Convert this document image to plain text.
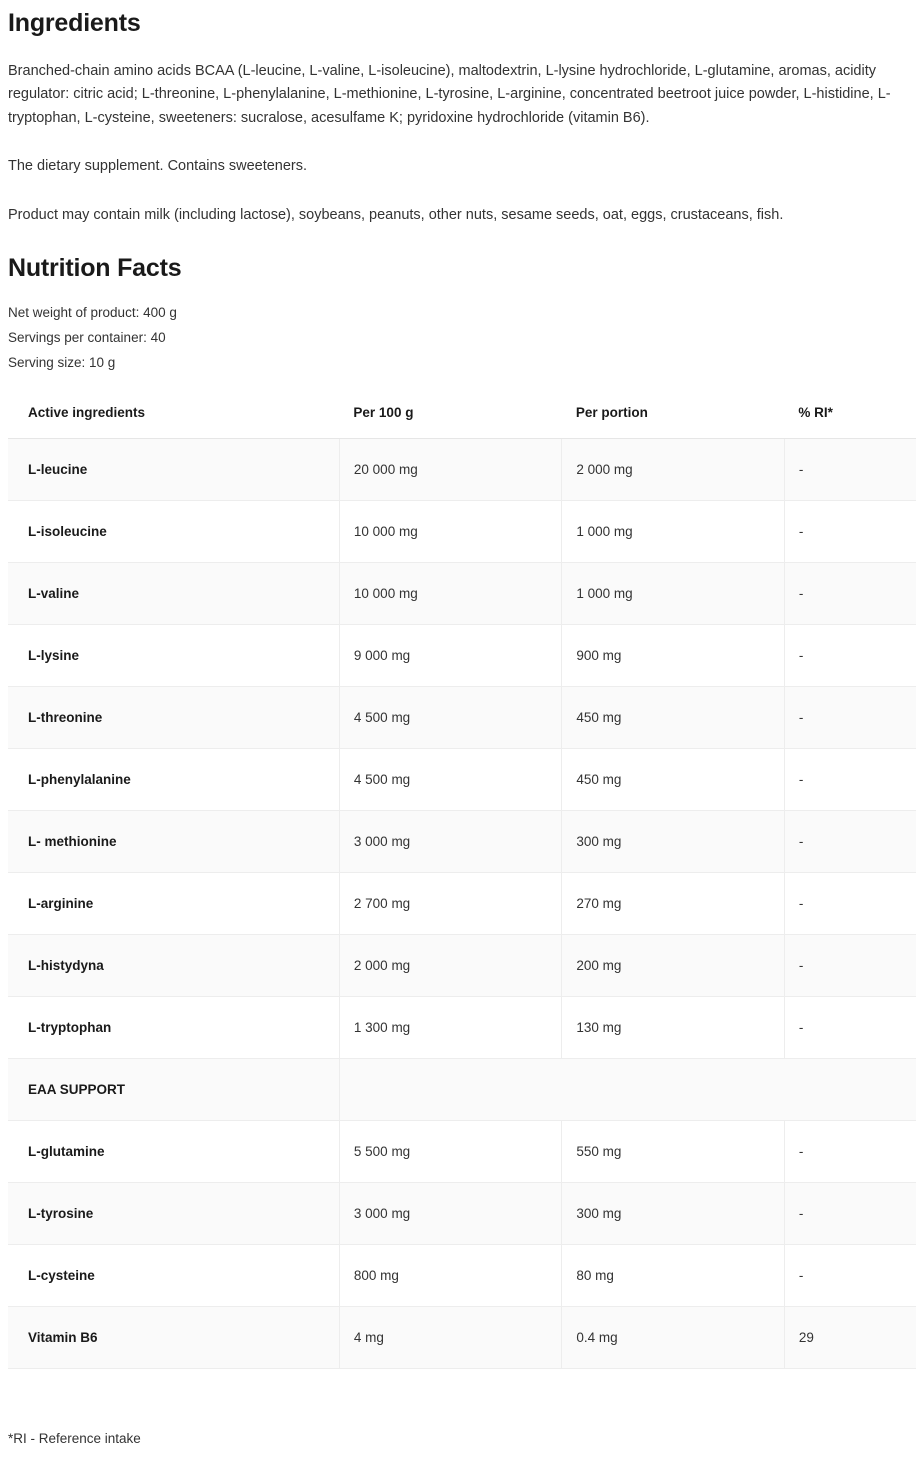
Ingredients

Branched-chain amino acids BCAA (L-leucine, L-valine, L-isoleucine), maltodextrin, L-lysine hydrochloride, L-glutamine, aromas, acidity regulator: citric acid; L-threonine, L-phenylalanine, L-methionine, L-tyrosine, L-arginine, concentrated beetroot juice powder, L-histidine, L-tryptophan, L-cysteine, sweeteners: sucralose, acesulfame K; pyridoxine hydrochloride (vitamin B6).

The dietary supplement. Contains sweeteners.

Product may contain milk (including lactose), soybeans, peanuts, other nuts, sesame seeds, oat, eggs, crustaceans, fish.

Nutrition Facts
Net weight of product: 400 g
Servings per container: 40
Serving size: 10 g
Active ingredients	Per 100 g	Per portion	% RI*
L-leucine	20 000 mg	2 000 mg	-
L-isoleucine	10 000 mg	1 000 mg	-
L-valine	10 000 mg	1 000 mg	-
L-lysine	9 000 mg	900 mg	-
L-threonine	4 500 mg	450 mg	-
L-phenylalanine	4 500 mg	450 mg	-
L- methionine	3 000 mg	300 mg	-
L-arginine	2 700 mg	270 mg	-
L-histydyna	2 000 mg	200 mg	-
L-tryptophan	1 300 mg	130 mg	-
EAA SUPPORT			
L-glutamine	5 500 mg	550 mg	-
L-tyrosine	3 000 mg	300 mg	-
L-cysteine	800 mg	80 mg	-
Vitamin B6	4 mg	0.4 mg	29
*RI - Reference intake
